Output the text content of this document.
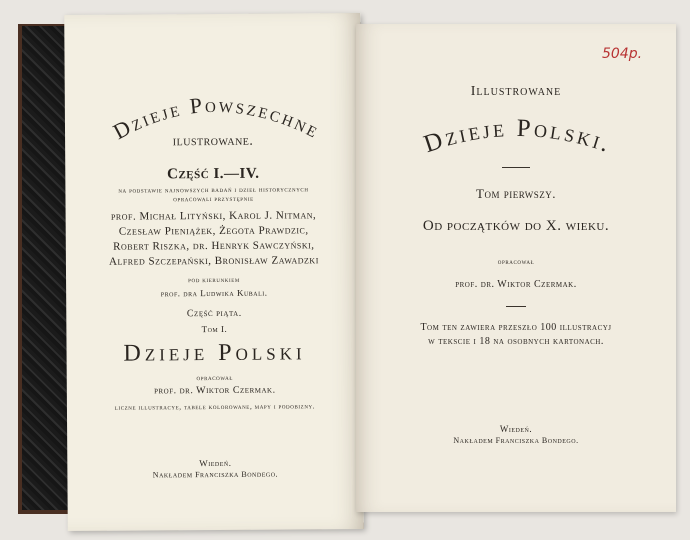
Dzieje Powszechne
ilustrowane.
Część I.—IV.
na podstawie najnowszych badań i dzieł historycznych
opracowali przystępnie
prof. Michał Lityński, Karol J. Nitman,
Czesław Pieniążek, Żegota Prawdzic,
Robert Riszka, dr. Henryk Sawczyński,
Alfred Szczepański, Bronisław Zawadzki
pod kierunkiem
prof. dra Ludwika Kubali.
Część piąta.
Tom I.
Dzieje Polski
opracował
prof. dr. Wiktor Czermak.
liczne illustracye, tabele kolorowane, mapy i podobizny.
Wiedeń.
Nakładem Franciszka Bondego.
504p.
Illustrowane
Dzieje Polski.
Tom pierwszy.
Od początków do X. wieku.
opracował
prof. dr. Wiktor Czermak.
Tom ten zawiera przeszło 100 illustracyj
w tekscie i 18 na osobnych kartonach.
Wiedeń.
Nakładem Franciszka Bondego.
